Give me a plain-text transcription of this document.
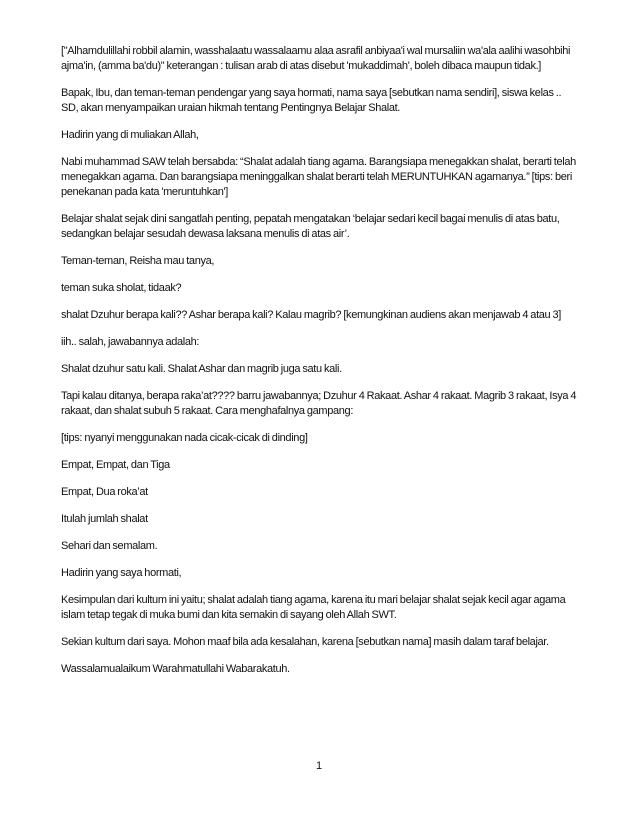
["Alhamdulillahi robbil alamin, wasshalaatu wassalaamu alaa asrafil anbiyaa'i wal mursaliin wa'ala aalihi wasohbihi ajma'in, (amma ba'du)" keterangan : tulisan arab di atas disebut 'mukaddimah', boleh dibaca maupun tidak.]

Bapak, Ibu, dan teman-teman pendengar yang saya hormati, nama saya [sebutkan nama sendiri], siswa kelas .. SD, akan menyampaikan uraian hikmah tentang Pentingnya Belajar Shalat.

Hadirin yang di muliakan Allah,

Nabi muhammad SAW telah bersabda: “Shalat adalah tiang agama. Barangsiapa menegakkan shalat, berarti telah menegakkan agama. Dan barangsiapa meninggalkan shalat berarti telah MERUNTUHKAN agamanya.” [tips: beri penekanan pada kata 'meruntuhkan']

Belajar shalat sejak dini sangatlah penting, pepatah mengatakan ‘belajar sedari kecil bagai menulis di atas batu, sedangkan belajar sesudah dewasa laksana menulis di atas air’.

Teman-teman, Reisha mau tanya,

teman suka sholat, tidaak?

shalat Dzuhur berapa kali?? Ashar berapa kali? Kalau magrib? [kemungkinan audiens akan menjawab 4 atau 3]

iih.. salah, jawabannya adalah:

Shalat dzuhur satu kali. Shalat Ashar dan magrib juga satu kali.

Tapi kalau ditanya, berapa raka’at???? barru jawabannya; Dzuhur 4 Rakaat. Ashar 4 rakaat. Magrib 3 rakaat, Isya 4 rakaat, dan shalat subuh 5 rakaat. Cara menghafalnya gampang:

[tips: nyanyi menggunakan nada cicak-cicak di dinding]

Empat, Empat, dan Tiga

Empat, Dua roka’at

Itulah jumlah shalat

Sehari dan semalam.

Hadirin yang saya hormati,

Kesimpulan dari kultum ini yaitu; shalat adalah tiang agama, karena itu mari belajar shalat sejak kecil agar agama islam tetap tegak di muka bumi dan kita semakin di sayang oleh Allah SWT.

Sekian kultum dari saya. Mohon maaf bila ada kesalahan, karena [sebutkan nama] masih dalam taraf belajar.

Wassalamualaikum Warahmatullahi Wabarakatuh.

1
